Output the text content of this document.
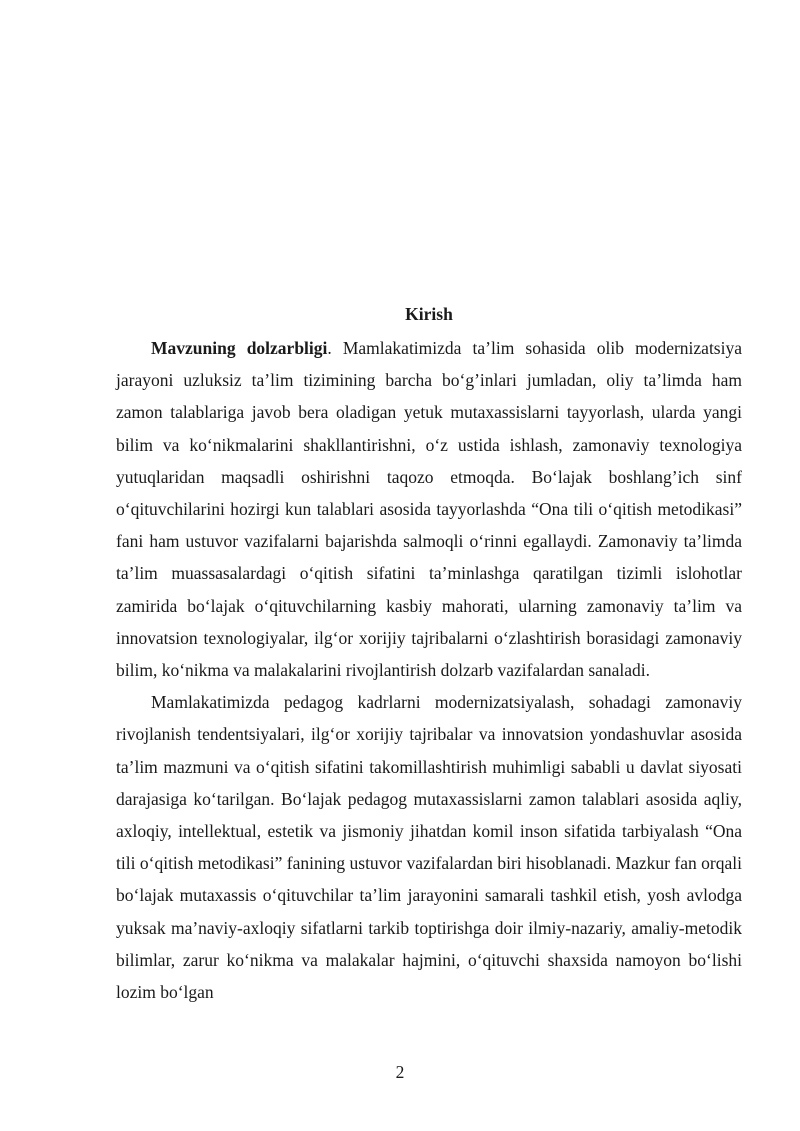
Kirish

Mavzuning dolzarbligi. Mamlakatimizda ta’lim sohasida olib modernizatsiya jarayoni uzluksiz ta’lim tizimining barcha bo‘g’inlari jumladan, oliy ta’limda ham zamon talablariga javob bera oladigan yetuk mutaxassislarni tayyorlash, ularda yangi bilim va ko‘nikmalarini shakllantirishni, o‘z ustida ishlash, zamonaviy texnologiya yutuqlaridan maqsadli oshirishni taqozo etmoqda. Bo‘lajak boshlang’ich sinf o‘qituvchilarini hozirgi kun talablari asosida tayyorlashda “Ona tili o‘qitish metodikasi” fani ham ustuvor vazifalarni bajarishda salmoqli o‘rinni egallaydi. Zamonaviy ta’limda ta’lim muassasalardagi o‘qitish sifatini ta’minlashga qaratilgan tizimli islohotlar zamirida bo‘lajak o‘qituvchilarning kasbiy mahorati, ularning zamonaviy ta’lim va innovatsion texnologiyalar, ilg‘or xorijiy tajribalarni o‘zlashtirish borasidagi zamonaviy bilim, ko‘nikma va malakalarini rivojlantirish dolzarb vazifalardan sanaladi.

Mamlakatimizda pedagog kadrlarni modernizatsiyalash, sohadagi zamonaviy rivojlanish tendentsiyalari, ilg‘or xorijiy tajribalar va innovatsion yondashuvlar asosida ta’lim mazmuni va o‘qitish sifatini takomillashtirish muhimligi sababli u davlat siyosati darajasiga ko‘tarilgan. Bo‘lajak pedagog mutaxassislarni zamon talablari asosida aqliy, axloqiy, intellektual, estetik va jismoniy jihatdan komil inson sifatida tarbiyalash “Ona tili o‘qitish metodikasi” fanining ustuvor vazifalardan biri hisoblanadi. Mazkur fan orqali bo‘lajak mutaxassis o‘qituvchilar ta’lim jarayonini samarali tashkil etish, yosh avlodga yuksak ma’naviy-axloqiy sifatlarni tarkib toptirishga doir ilmiy-nazariy, amaliy-metodik bilimlar, zarur ko‘nikma va malakalar hajmini, o‘qituvchi shaxsida namoyon bo‘lishi lozim bo‘lgan

2
